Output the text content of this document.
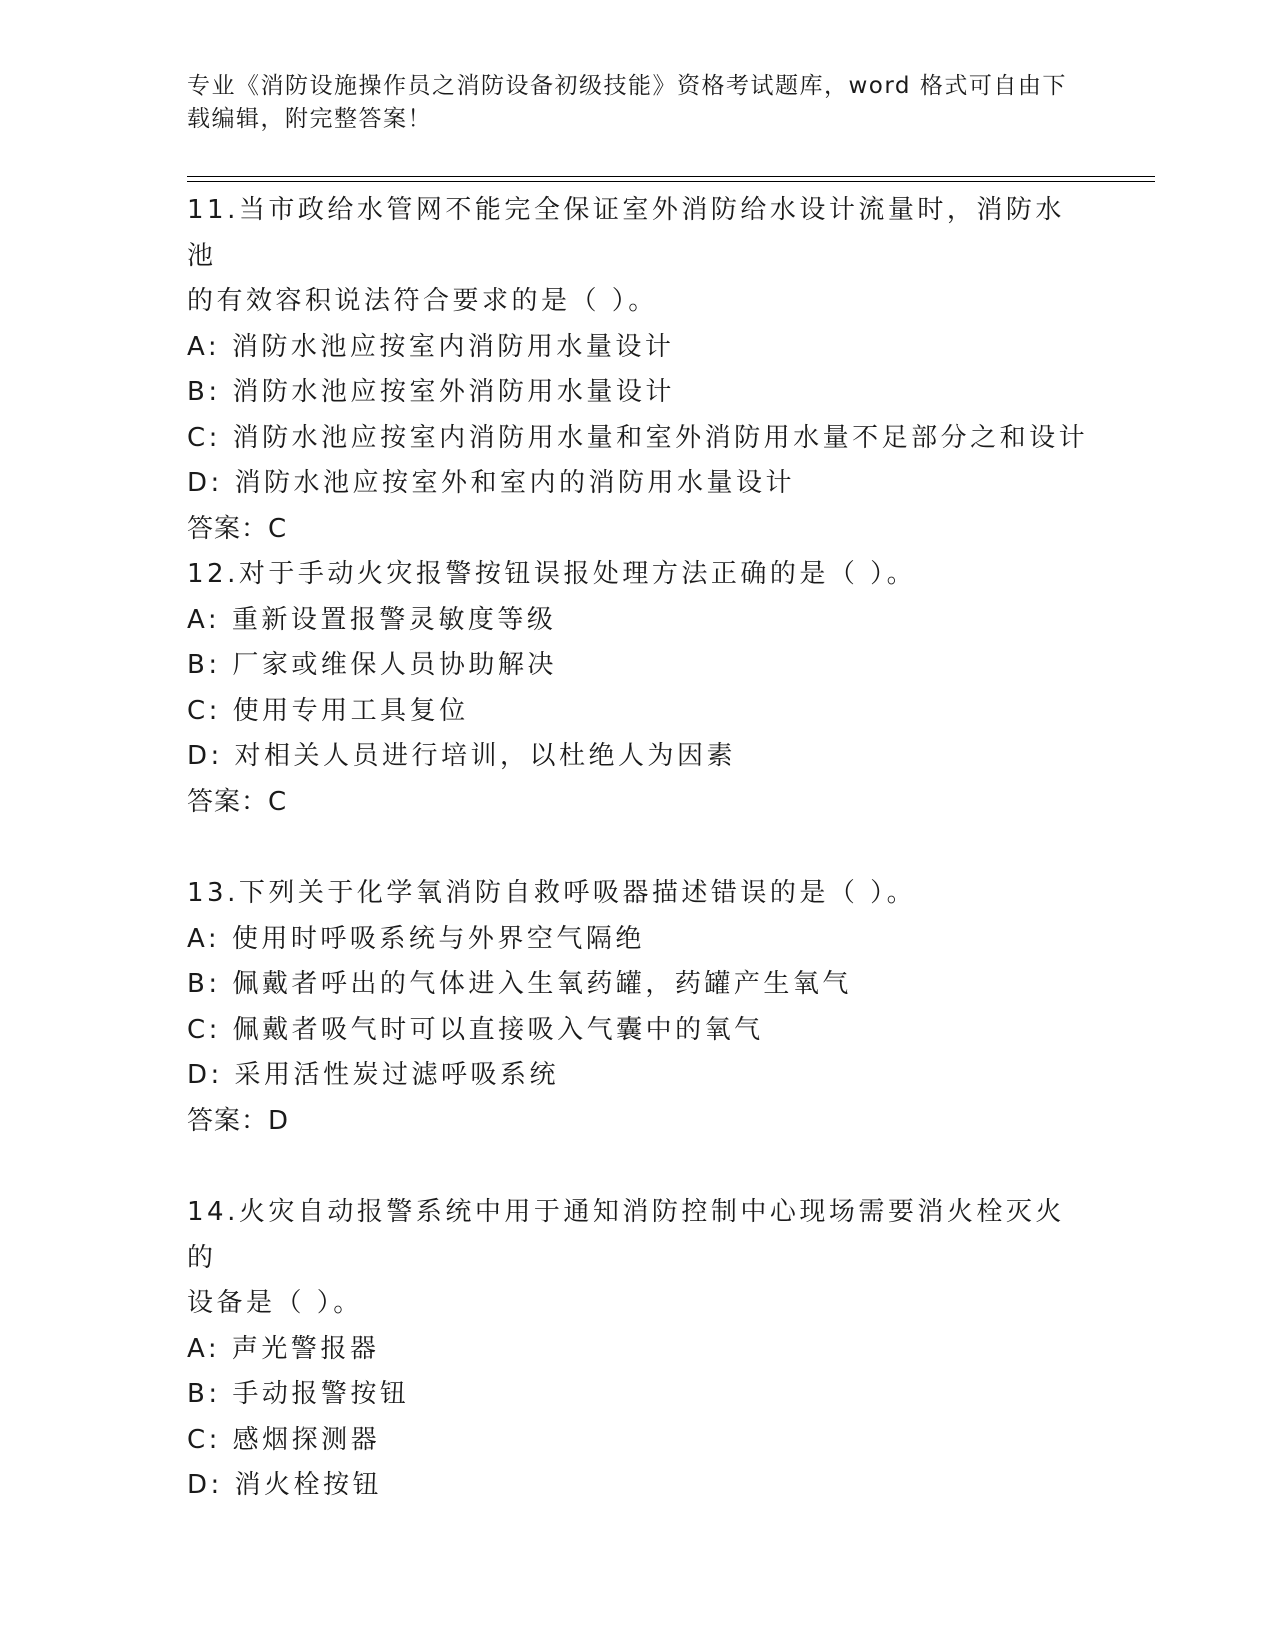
专业《消防设施操作员之消防设备初级技能》资格考试题库，word 格式可自由下
载编辑，附完整答案！
11.当市政给水管网不能完全保证室外消防给水设计流量时，消防水池
的有效容积说法符合要求的是（ ）。
A: 消防水池应按室内消防用水量设计
B: 消防水池应按室外消防用水量设计
C: 消防水池应按室内消防用水量和室外消防用水量不足部分之和设计
D: 消防水池应按室外和室内的消防用水量设计
答案：C
12.对于手动火灾报警按钮误报处理方法正确的是（ ）。
A: 重新设置报警灵敏度等级
B: 厂家或维保人员协助解决
C: 使用专用工具复位
D: 对相关人员进行培训，以杜绝人为因素
答案：C
13.下列关于化学氧消防自救呼吸器描述错误的是（ ）。
A: 使用时呼吸系统与外界空气隔绝
B: 佩戴者呼出的气体进入生氧药罐，药罐产生氧气
C: 佩戴者吸气时可以直接吸入气囊中的氧气
D: 采用活性炭过滤呼吸系统
答案：D
14.火灾自动报警系统中用于通知消防控制中心现场需要消火栓灭火的
设备是（ ）。
A: 声光警报器
B: 手动报警按钮
C: 感烟探测器
D: 消火栓按钮
